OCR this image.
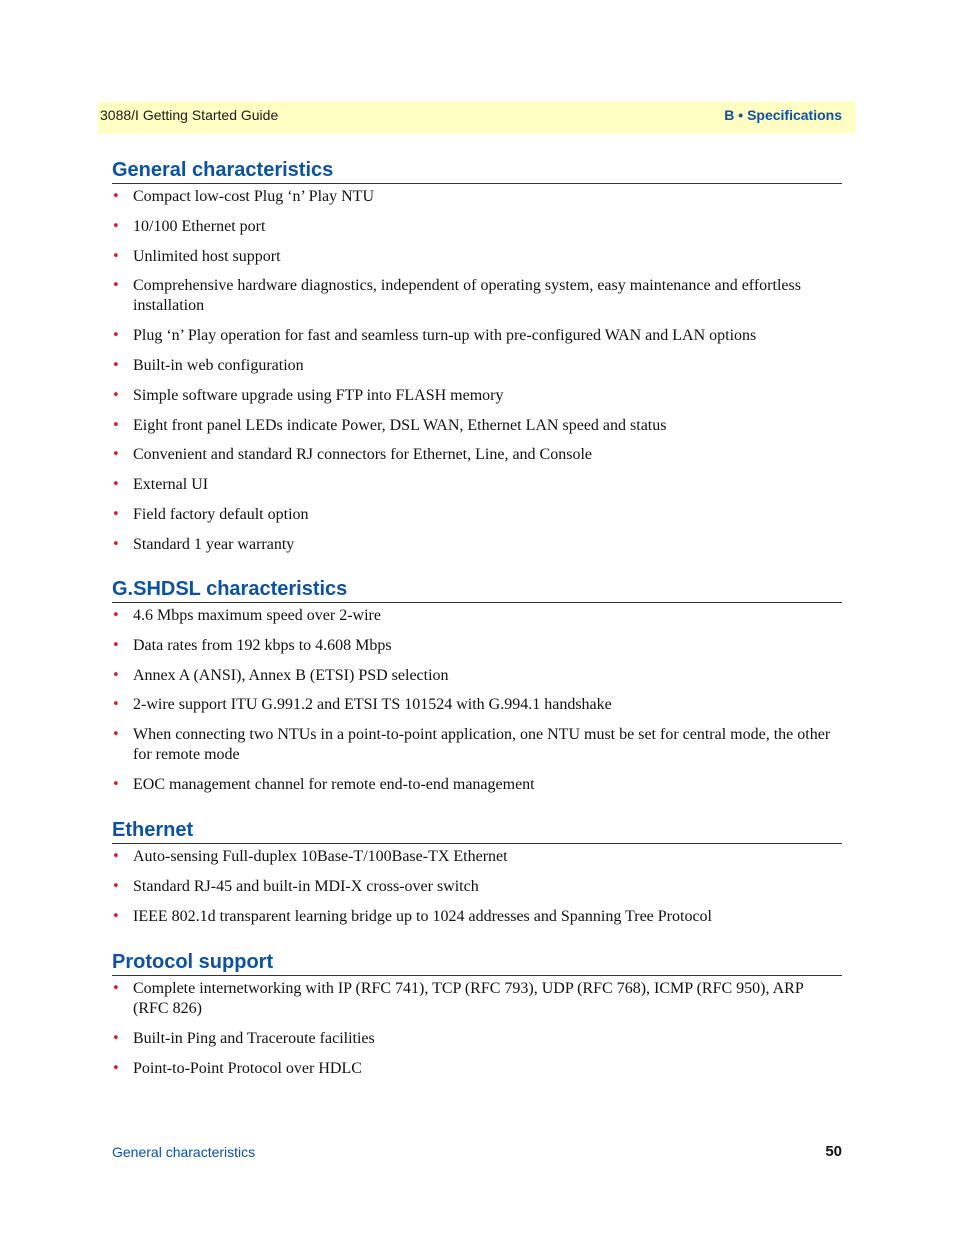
3088/I Getting Started Guide	B • Specifications
General characteristics
• Compact low-cost Plug ‘n’ Play NTU
• 10/100 Ethernet port
• Unlimited host support
• Comprehensive hardware diagnostics, independent of operating system, easy maintenance and effortless installation
• Plug ‘n’ Play operation for fast and seamless turn-up with pre-configured WAN and LAN options
• Built-in web configuration
• Simple software upgrade using FTP into FLASH memory
• Eight front panel LEDs indicate Power, DSL WAN, Ethernet LAN speed and status
• Convenient and standard RJ connectors for Ethernet, Line, and Console
• External UI
• Field factory default option
• Standard 1 year warranty
G.SHDSL characteristics
• 4.6 Mbps maximum speed over 2-wire
• Data rates from 192 kbps to 4.608 Mbps
• Annex A (ANSI), Annex B (ETSI) PSD selection
• 2-wire support ITU G.991.2 and ETSI TS 101524 with G.994.1 handshake
• When connecting two NTUs in a point-to-point application, one NTU must be set for central mode, the other for remote mode
• EOC management channel for remote end-to-end management
Ethernet
• Auto-sensing Full-duplex 10Base-T/100Base-TX Ethernet
• Standard RJ-45 and built-in MDI-X cross-over switch
• IEEE 802.1d transparent learning bridge up to 1024 addresses and Spanning Tree Protocol
Protocol support
• Complete internetworking with IP (RFC 741), TCP (RFC 793), UDP (RFC 768), ICMP (RFC 950), ARP (RFC 826)
• Built-in Ping and Traceroute facilities
• Point-to-Point Protocol over HDLC
General characteristics	50
